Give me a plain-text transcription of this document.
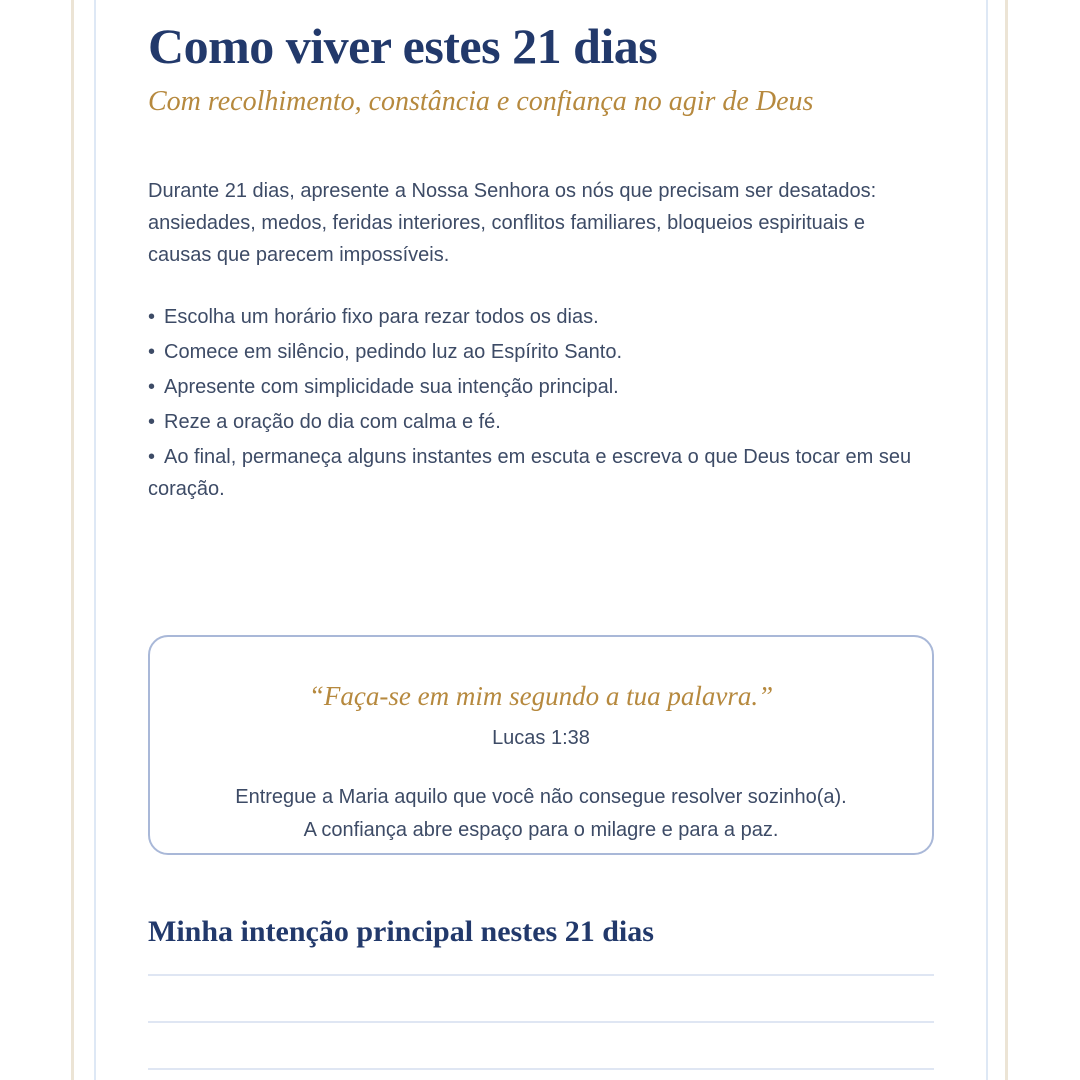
Como viver estes 21 dias
Com recolhimento, constância e confiança no agir de Deus

Durante 21 dias, apresente a Nossa Senhora os nós que precisam ser desatados: ansiedades, medos, feridas interiores, conflitos familiares, bloqueios espirituais e causas que parecem impossíveis.

• Escolha um horário fixo para rezar todos os dias.
• Comece em silêncio, pedindo luz ao Espírito Santo.
• Apresente com simplicidade sua intenção principal.
• Reze a oração do dia com calma e fé.
• Ao final, permaneça alguns instantes em escuta e escreva o que Deus tocar em seu coração.
“Faça-se em mim segundo a tua palavra.”
Lucas 1:38
Entregue a Maria aquilo que você não consegue resolver sozinho(a).
A confiança abre espaço para o milagre e para a paz.
Minha intenção principal nestes 21 dias
